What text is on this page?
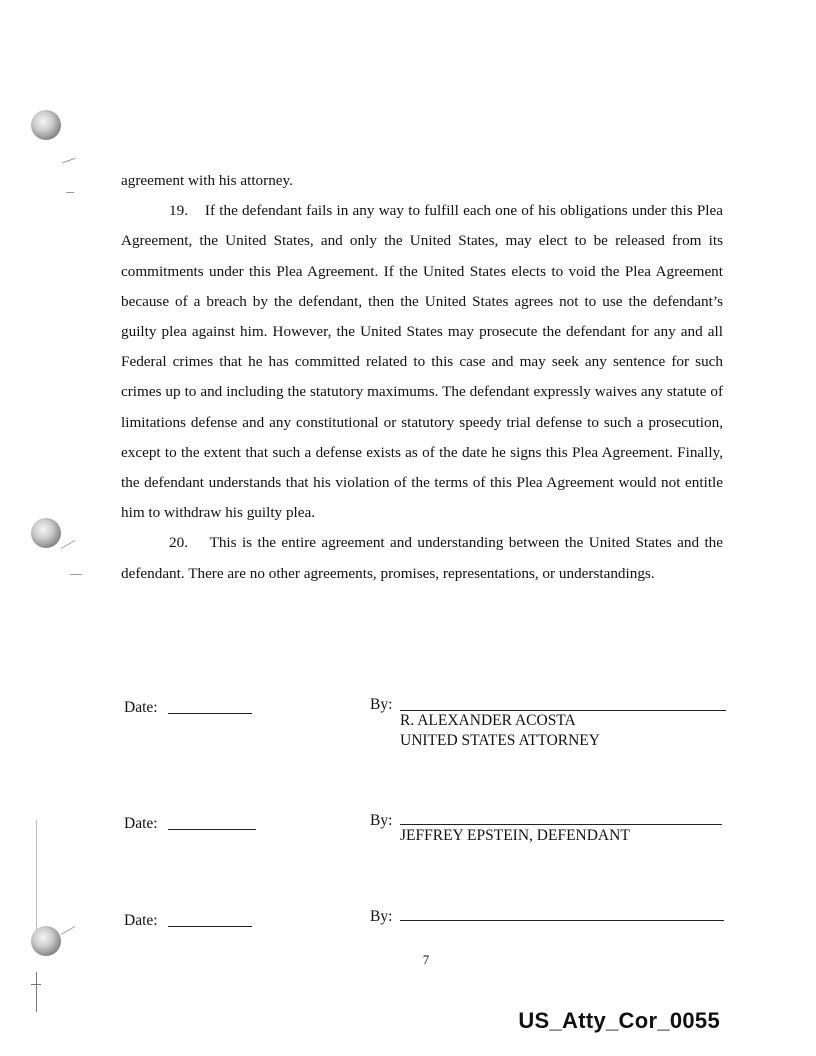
agreement with his attorney.

19. If the defendant fails in any way to fulfill each one of his obligations under this Plea Agreement, the United States, and only the United States, may elect to be released from its commitments under this Plea Agreement. If the United States elects to void the Plea Agreement because of a breach by the defendant, then the United States agrees not to use the defendant’s guilty plea against him. However, the United States may prosecute the defendant for any and all Federal crimes that he has committed related to this case and may seek any sentence for such crimes up to and including the statutory maximums. The defendant expressly waives any statute of limitations defense and any constitutional or statutory speedy trial defense to such a prosecution, except to the extent that such a defense exists as of the date he signs this Plea Agreement. Finally, the defendant understands that his violation of the terms of this Plea Agreement would not entitle him to withdraw his guilty plea.

20. This is the entire agreement and understanding between the United States and the defendant. There are no other agreements, promises, representations, or understandings.

Date:	By:
R. ALEXANDER ACOSTA
UNITED STATES ATTORNEY
Date:	By:
JEFFREY EPSTEIN, DEFENDANT
Date:	By:
7
US_Atty_Cor_0055
